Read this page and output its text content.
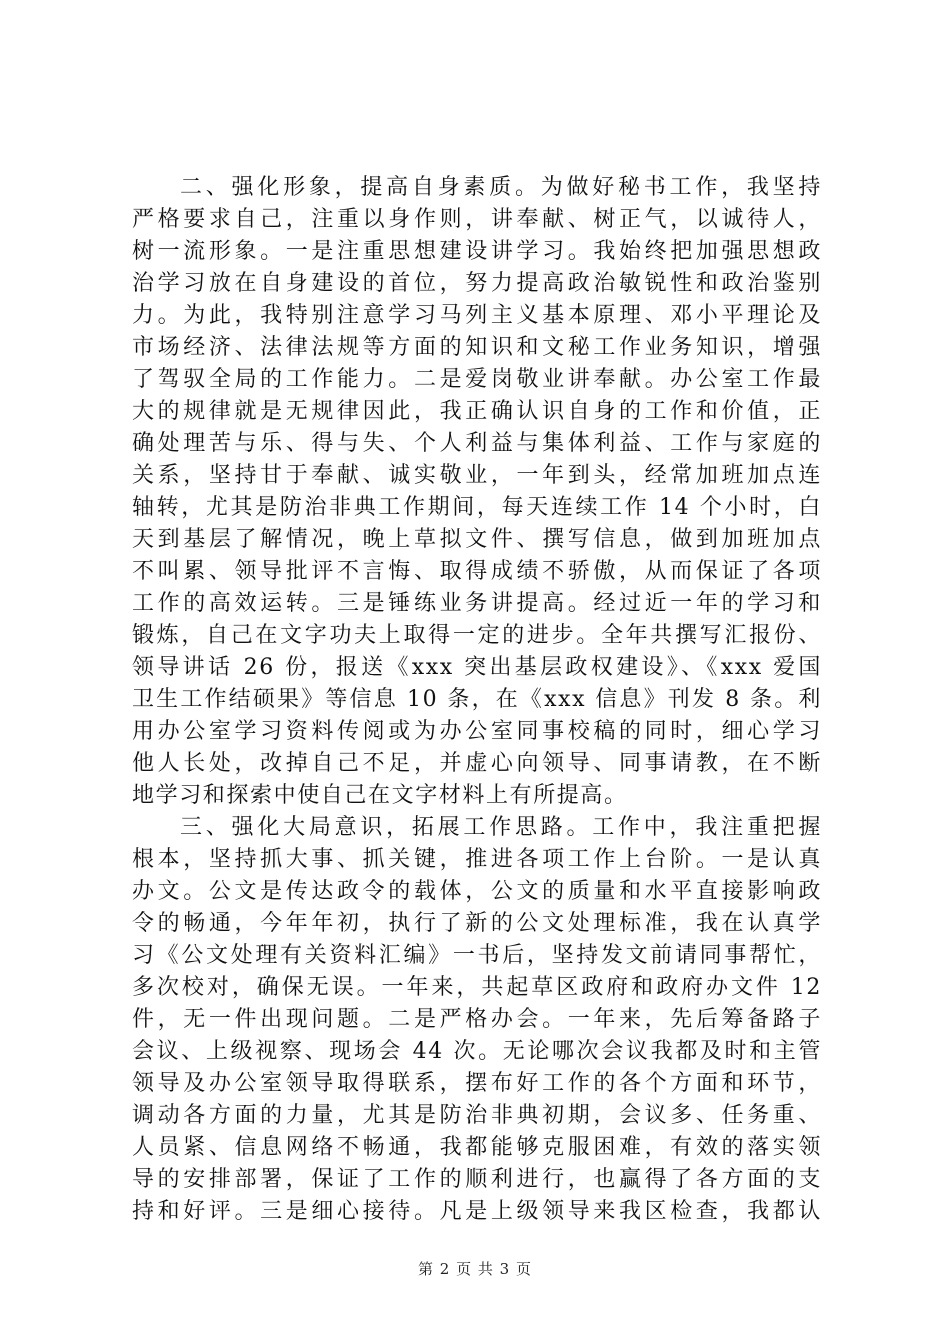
二、强化形象，提高自身素质。为做好秘书工作，我坚持
严格要求自己，注重以身作则，讲奉献、树正气，以诚待人，
树一流形象。一是注重思想建设讲学习。我始终把加强思想政
治学习放在自身建设的首位，努力提高政治敏锐性和政治鉴别
力。为此，我特别注意学习马列主义基本原理、邓小平理论及
市场经济、法律法规等方面的知识和文秘工作业务知识，增强
了驾驭全局的工作能力。二是爱岗敬业讲奉献。办公室工作最
大的规律就是无规律因此，我正确认识自身的工作和价值，正
确处理苦与乐、得与失、个人利益与集体利益、工作与家庭的
关系，坚持甘于奉献、诚实敬业，一年到头，经常加班加点连
轴转，尤其是防治非典工作期间，每天连续工作 14 个小时，白
天到基层了解情况，晚上草拟文件、撰写信息，做到加班加点
不叫累、领导批评不言悔、取得成绩不骄傲，从而保证了各项
工作的高效运转。三是锤练业务讲提高。经过近一年的学习和
锻炼，自己在文字功夫上取得一定的进步。全年共撰写汇报份、
领导讲话 26 份，报送《xxx 突出基层政权建设》、《xxx 爱国
卫生工作结硕果》等信息 10 条，在《xxx 信息》刊发 8 条。利
用办公室学习资料传阅或为办公室同事校稿的同时，细心学习
他人长处，改掉自己不足，并虚心向领导、同事请教，在不断
地学习和探索中使自己在文字材料上有所提高。
三、强化大局意识，拓展工作思路。工作中，我注重把握
根本，坚持抓大事、抓关键，推进各项工作上台阶。一是认真
办文。公文是传达政令的载体，公文的质量和水平直接影响政
令的畅通，今年年初，执行了新的公文处理标准，我在认真学
习《公文处理有关资料汇编》一书后，坚持发文前请同事帮忙，
多次校对，确保无误。一年来，共起草区政府和政府办文件 12
件，无一件出现问题。二是严格办会。一年来，先后筹备路子
会议、上级视察、现场会 44 次。无论哪次会议我都及时和主管
领导及办公室领导取得联系，摆布好工作的各个方面和环节，
调动各方面的力量，尤其是防治非典初期，会议多、任务重、
人员紧、信息网络不畅通，我都能够克服困难，有效的落实领
导的安排部署，保证了工作的顺利进行，也赢得了各方面的支
持和好评。三是细心接待。凡是上级领导来我区检查，我都认
第 2 页 共 3 页
